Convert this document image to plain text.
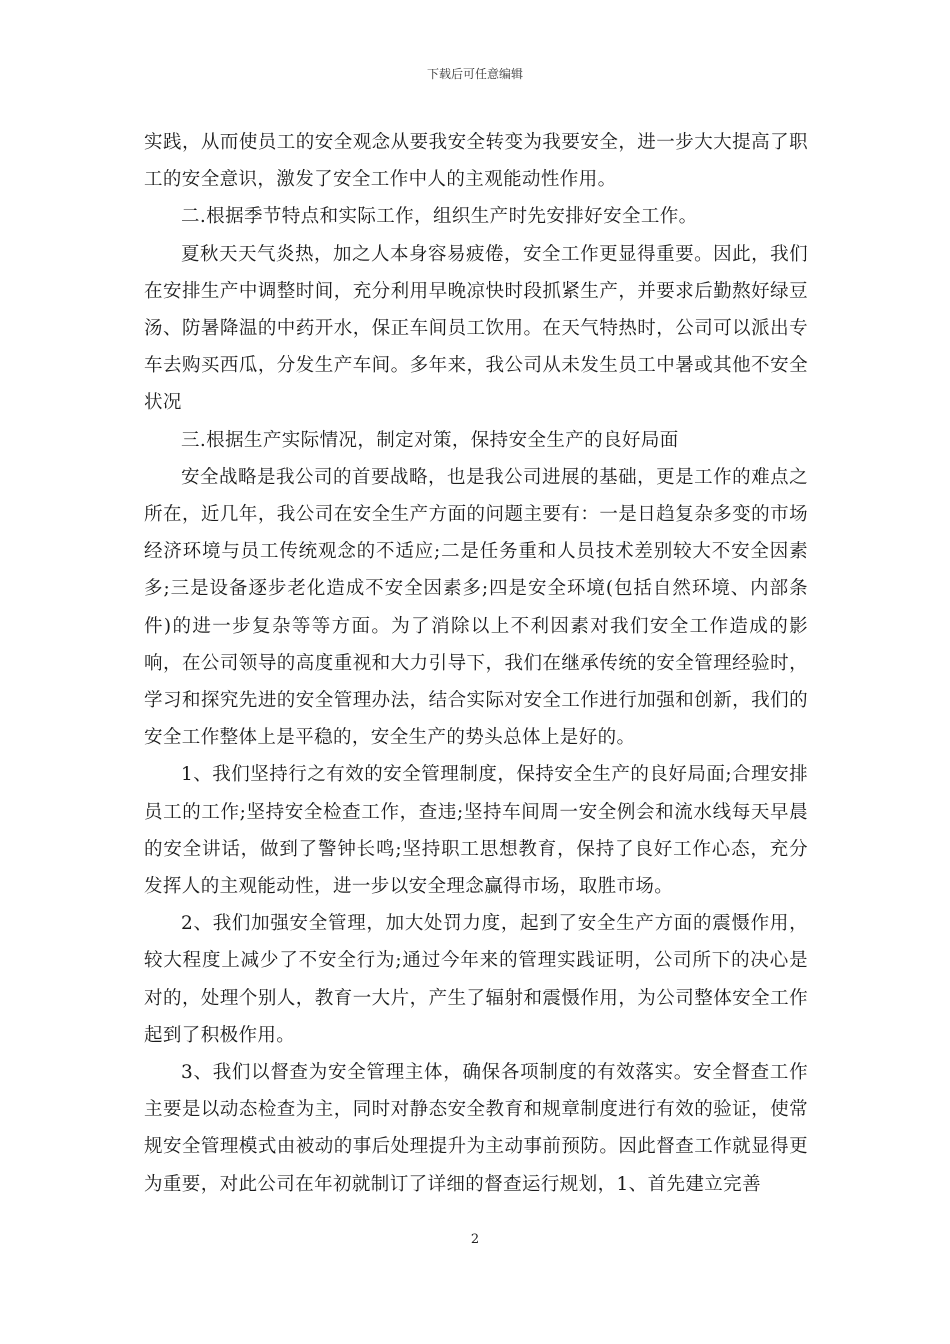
下载后可任意编辑

实践，从而使员工的安全观念从要我安全转变为我要安全，进一步大大提高了职工的安全意识，激发了安全工作中人的主观能动性作用。

二.根据季节特点和实际工作，组织生产时先安排好安全工作。

夏秋天天气炎热，加之人本身容易疲倦，安全工作更显得重要。因此，我们在安排生产中调整时间，充分利用早晚凉快时段抓紧生产，并要求后勤熬好绿豆汤、防暑降温的中药开水，保正车间员工饮用。在天气特热时，公司可以派出专车去购买西瓜，分发生产车间。多年来，我公司从未发生员工中暑或其他不安全状况

三.根据生产实际情况，制定对策，保持安全生产的良好局面

安全战略是我公司的首要战略，也是我公司进展的基础，更是工作的难点之所在，近几年，我公司在安全生产方面的问题主要有：一是日趋复杂多变的市场经济环境与员工传统观念的不适应;二是任务重和人员技术差别较大不安全因素多;三是设备逐步老化造成不安全因素多;四是安全环境(包括自然环境、内部条件)的进一步复杂等等方面。为了消除以上不利因素对我们安全工作造成的影响，在公司领导的高度重视和大力引导下，我们在继承传统的安全管理经验时，学习和探究先进的安全管理办法，结合实际对安全工作进行加强和创新，我们的安全工作整体上是平稳的，安全生产的势头总体上是好的。

1、我们坚持行之有效的安全管理制度，保持安全生产的良好局面;合理安排员工的工作;坚持安全检查工作，查违;坚持车间周一安全例会和流水线每天早晨的安全讲话，做到了警钟长鸣;坚持职工思想教育，保持了良好工作心态，充分发挥人的主观能动性，进一步以安全理念赢得市场，取胜市场。

2、我们加强安全管理，加大处罚力度，起到了安全生产方面的震慑作用，较大程度上减少了不安全行为;通过今年来的管理实践证明，公司所下的决心是对的，处理个别人，教育一大片，产生了辐射和震慑作用，为公司整体安全工作起到了积极作用。

3、我们以督查为安全管理主体，确保各项制度的有效落实。安全督查工作主要是以动态检查为主，同时对静态安全教育和规章制度进行有效的验证，使常规安全管理模式由被动的事后处理提升为主动事前预防。因此督查工作就显得更为重要，对此公司在年初就制订了详细的督查运行规划，1、首先建立完善

2
